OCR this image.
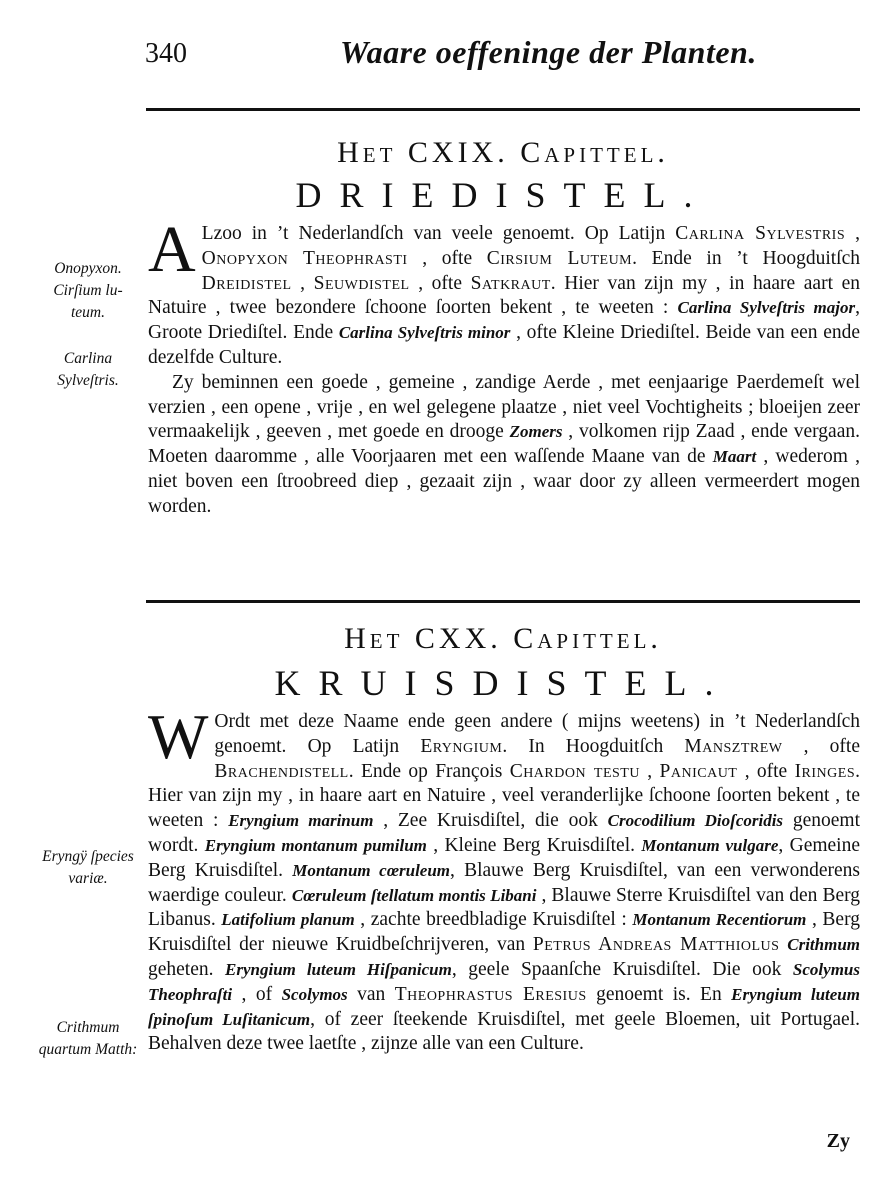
340	Waare oeffeninge der Planten.
Het CXIX. Capittel.
DRIEDISTEL.
Onopyxon. Cirſium lu-teum.
Carlina Sylveſtris.

A Lzoo in ’t Nederlandſch van veele genoemt. Op Latijn Carlina Sylvestris , Onopyxon Theophrasti , ofte Cirsium Luteum. Ende in ’t Hoogduitſch Dreidistel , Seuwdistel , ofte Satkraut. Hier van zijn my , in haare aart en Natuire , twee bezondere ſchoone ſoorten bekent , te weeten : Carlina Sylveſtris major, Groote Driediſtel. Ende Carlina Sylveſtris minor , ofte Kleine Driediſtel. Beide van een ende dezelfde Culture.

Zy beminnen een goede , gemeine , zandige Aerde , met eenjaarige Paerdemeſt wel verzien , een opene , vrije , en wel gelegene plaatze , niet veel Vochtigheits ; bloeijen zeer vermaakelijk , geeven , met goede en drooge Zomers , volkomen rijp Zaad , ende vergaan. Moeten daaromme , alle Voorjaaren met een waſſende Maane van de Maart , wederom , niet boven een ſtroobreed diep , gezaait zijn , waar door zy alleen vermeerdert mogen worden.

Het CXX. Capittel.
KRUISDISTEL.
Eryngÿ ſpecies variæ.
Crithmum quartum Matth:

W Ordt met deze Naame ende geen andere ( mijns weetens) in ’t Nederlandſch genoemt. Op Latijn Eryngium. In Hoogduitſch Mansztrew , ofte Brachendistell. Ende op François Chardon testu , Panicaut , ofte Iringes. Hier van zijn my , in haare aart en Natuire , veel veranderlijke ſchoone ſoorten bekent , te weeten : Eryngium marinum , Zee Kruisdiſtel, die ook Crocodilium Dioſcoridis genoemt wordt. Eryngium montanum pumilum , Kleine Berg Kruisdiſtel. Montanum vulgare, Gemeine Berg Kruisdiſtel. Montanum cœruleum, Blauwe Berg Kruisdiſtel, van een verwonderens waerdige couleur. Cœruleum ſtellatum montis Libani , Blauwe Sterre Kruisdiſtel van den Berg Libanus. Latifolium planum , zachte breedbladige Kruisdiſtel : Montanum Recentiorum , Berg Kruisdiſtel der nieuwe Kruidbeſchrijveren, van Petrus Andreas Matthiolus Crithmum geheten. Eryngium luteum Hiſpanicum, geele Spaanſche Kruisdiſtel. Die ook Scolymus Theophraſti , of Scolymos van Theophrastus Eresius genoemt is. En Eryngium luteum ſpinoſum Luſitanicum, of zeer ſteekende Kruisdiſtel, met geele Bloemen, uit Portugael. Behalven deze twee laetſte , zijnze alle van een Culture.

Zy
